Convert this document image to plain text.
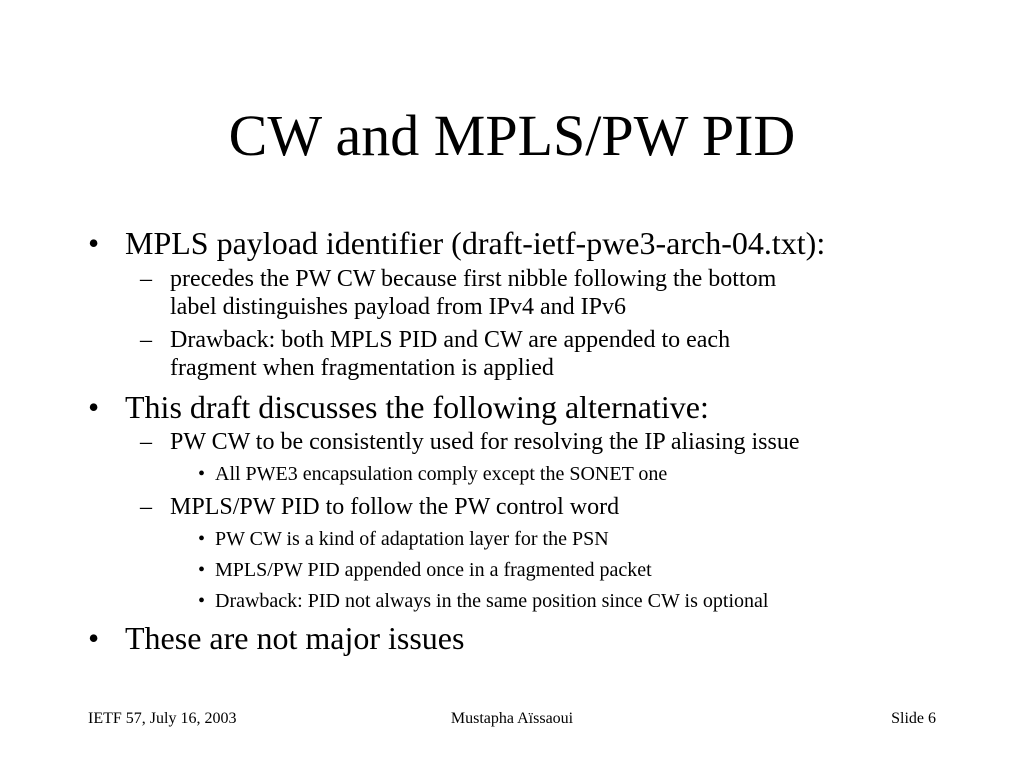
CW and MPLS/PW PID
• MPLS payload identifier (draft-ietf-pwe3-arch-04.txt):
– precedes the PW CW because first nibble following the bottom
label distinguishes payload from IPv4 and IPv6
– Drawback: both MPLS PID and CW are appended to each
fragment when fragmentation is applied
• This draft discusses the following alternative:
– PW CW to be consistently used for resolving the IP aliasing issue
• All PWE3 encapsulation comply except the SONET one
– MPLS/PW PID to follow the PW control word
• PW CW is a kind of adaptation layer for the PSN
• MPLS/PW PID appended once in a fragmented packet
• Drawback: PID not always in the same position since CW is optional
• These are not major issues
IETF 57, July 16, 2003	Mustapha Aïssaoui	Slide 6
